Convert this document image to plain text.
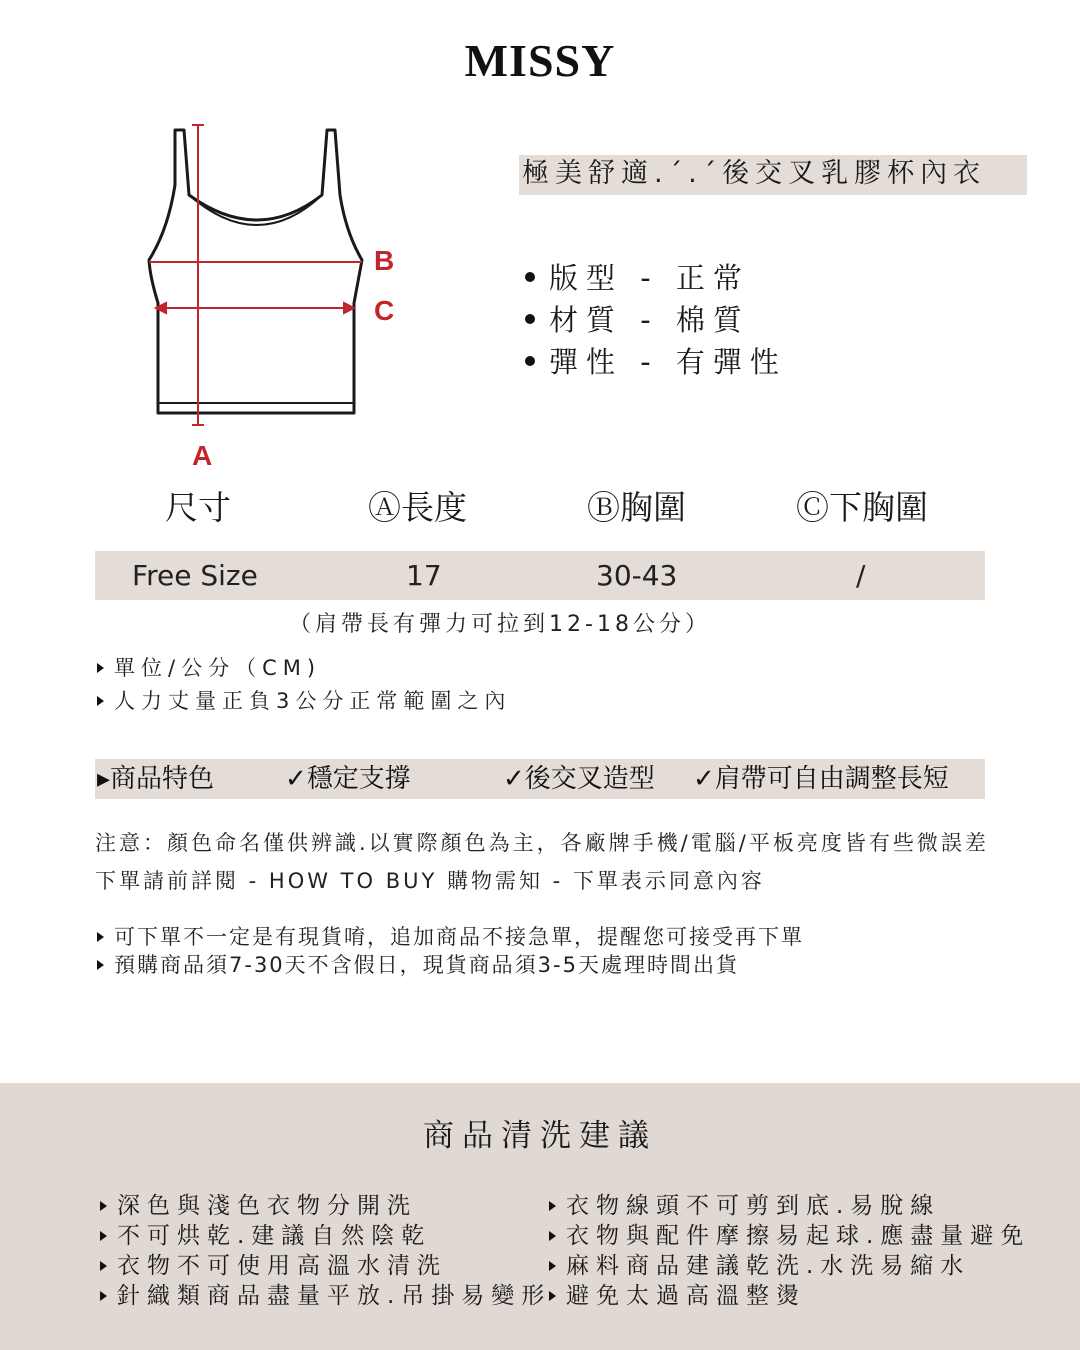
MISSY
B
C
A
極美舒適.ˊ.ˊ後交叉乳膠杯內衣
版型 - 正常
材質 - 棉質
彈性 - 有彈性
尺寸	Ⓐ長度	Ⓑ胸圍	Ⓒ下胸圍
Free Size	17	30-43	/
（肩帶長有彈力可拉到12-18公分）
單位/公分（CM)
人力丈量正負3公分正常範圍之內
▸商品特色	✓穩定支撐	✓後交叉造型 ✓肩帶可自由調整長短
注意：顏色命名僅供辨識.以實際顏色為主，各廠牌手機/電腦/平板亮度皆有些微誤差
下單請前詳閱 - HOW TO BUY 購物需知 - 下單表示同意內容
可下單不一定是有現貨唷，追加商品不接急單，提醒您可接受再下單
預購商品須7-30天不含假日，現貨商品須3-5天處理時間出貨
商品清洗建議
深色與淺色衣物分開洗
不可烘乾.建議自然陰乾
衣物不可使用高溫水清洗
針織類商品盡量平放.吊掛易變形
衣物線頭不可剪到底.易脫線
衣物與配件摩擦易起球.應盡量避免
麻料商品建議乾洗.水洗易縮水
避免太過高溫整燙
